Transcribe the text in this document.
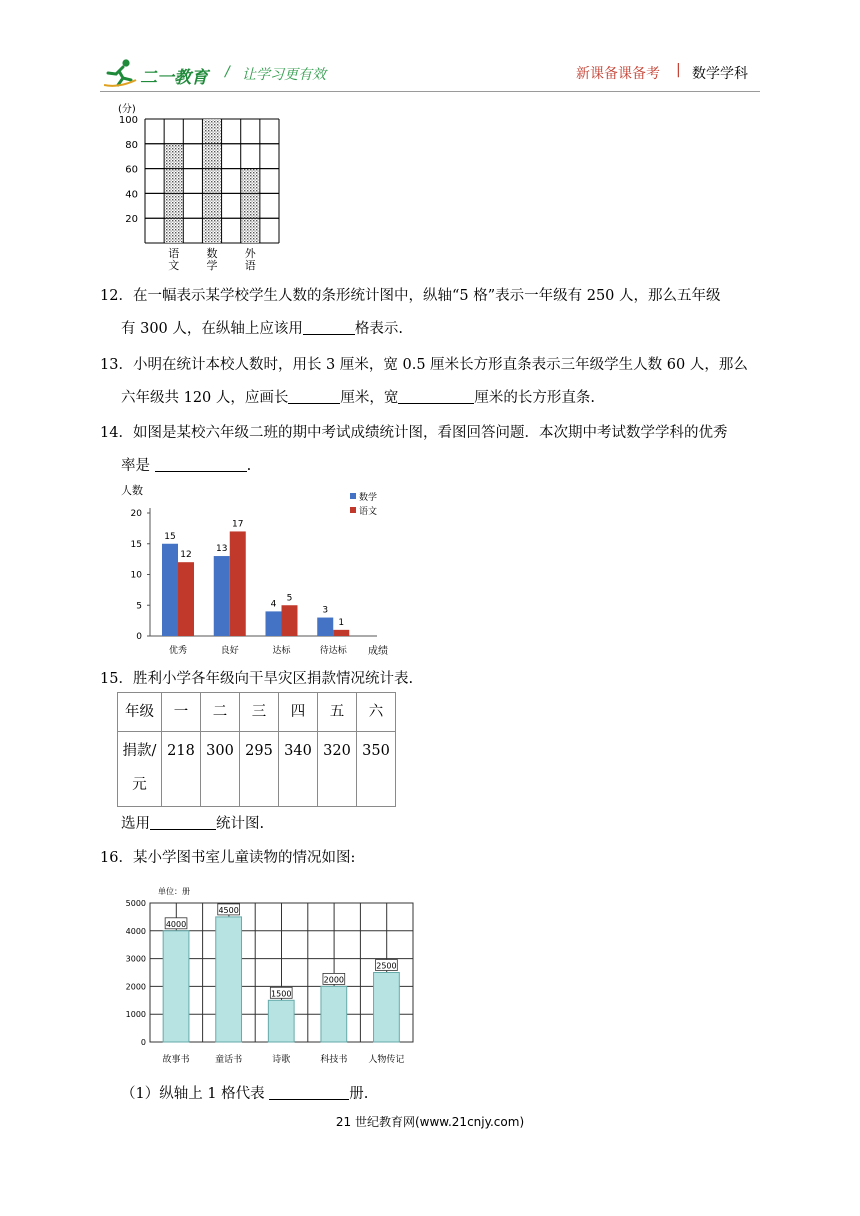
二一教育 / 让学习更有效	新课备课备考 | 数学学科
20
40
60
80
100
(分)
语
文
数
学
外
语
12．在一幅表示某学校学生人数的条形统计图中，纵轴“5 格”表示一年级有 250 人，那么五年级
有 300 人，在纵轴上应该用	格表示.
13．小明在统计本校人数时，用长 3 厘米，宽 0.5 厘米长方形直条表示三年级学生人数 60 人，那么
六年级共 120 人，应画长	厘米，宽	厘米的长方形直条.
14．如图是某校六年级二班的期中考试成绩统计图，看图回答问题．本次期中考试数学学科的优秀
率是	.
0
5
10
15
20
人数
成绩
15
12
优秀
13
17
良好
4
5
达标
3
1
待达标
数学
语文
15．胜利小学各年级向干旱灾区捐款情况统计表.
年级	一	二	三	四	五	六

捐款/
元	218	300	295	340	320	350
选用	统计图.
16．某小学图书室儿童读物的情况如图:
4000
故事书
4500
童话书
1500
诗歌
2000
科技书
2500
人物传记
0
1000
2000
3000
4000
5000
单位：册
（1）纵轴上 1 格代表	册.
21 世纪教育网(www.21cnjy.com)
